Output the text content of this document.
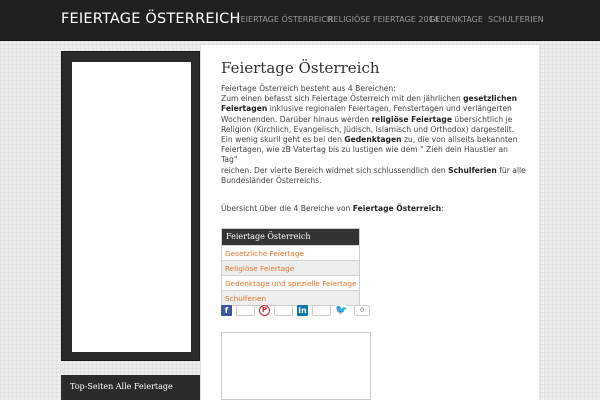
FEIERTAGE ÖSTERREICH
FEIERTAGE ÖSTERREICH
RELIGIÖSE FEIERTAGE 2014
GEDENKTAGE SCHULFERIEN
Top-Seiten Alle Feiertage
Feiertage Österreich
Feiertage Österreich besteht aus 4 Bereichen:
Zum einen befasst sich Feiertage Österreich mit den jährlichen gesetzlichen
Feiertagen inklusive regionalen Feiertagen, Fenstertagen und verlängerten
Wochenenden. Darüber hinaus werden religiöse Feiertage übersichtlich je
Religion (Kirchlich, Evangelisch, Jüdisch, Islamisch und Orthodox) dargestellt.
Ein wenig skuril geht es bei den Gedenktagen zu, die von allseits bekannten
Feiertagen, wie zB Vatertag bis zu lustigen wie dem " Zieh dein Haustier an Tag"
reichen. Der vierte Bereich widmet sich schlussendlich den Schulferien für alle
Bundesländer Österreichs.
Übersicht über die 4 Bereiche von Feiertage Österreich:
Feiertage Österreich
Gesetzliche Feiertage
Religiöse Feiertage
Gedenktage und spezielle Feiertage
Schulferien
f	P	in	🐦	0
